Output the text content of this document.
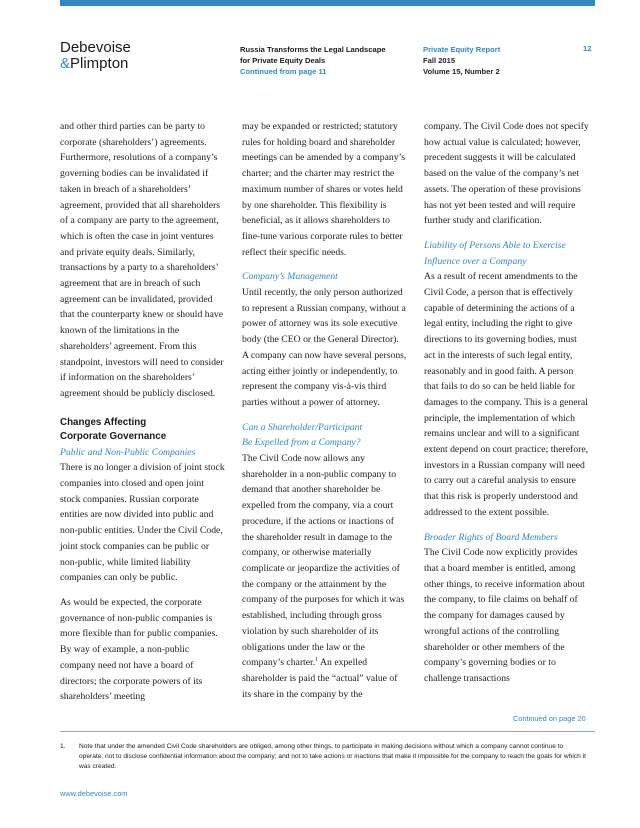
Debevoise
&Plimpton
Russia Transforms the Legal Landscape
for Private Equity Deals
Continued from page 11
Private Equity Report
Fall 2015
Volume 15, Number 2
12

and other third parties can be party to corporate (shareholders’) agreements. Furthermore, resolutions of a company’s governing bodies can be invalidated if taken in breach of a shareholders’ agreement, provided that all shareholders of a company are party to the agreement, which is often the case in joint ventures and private equity deals. Similarly, transactions by a party to a shareholders’ agreement that are in breach of such agreement can be invalidated, provided that the counterparty knew or should have known of the limitations in the shareholders’ agreement. From this standpoint, investors will need to consider if information on the shareholders’ agreement should be publicly disclosed.

Changes Affecting
Corporate Governance
Public and Non-Public Companies

There is no longer a division of joint stock companies into closed and open joint stock companies. Russian corporate entities are now divided into public and non-public entities. Under the Civil Code, joint stock companies can be public or non-public, while limited liability companies can only be public.

As would be expected, the corporate governance of non-public companies is more flexible than for public companies. By way of example, a non-public company need not have a board of directors; the corporate powers of its shareholders’ meeting

may be expanded or restricted; statutory rules for holding board and shareholder meetings can be amended by a company’s charter; and the charter may restrict the maximum number of shares or votes held by one shareholder. This flexibility is beneficial, as it allows shareholders to fine-tune various corporate rules to better reflect their specific needs.

Company’s Management

Until recently, the only person authorized to represent a Russian company, without a power of attorney was its sole executive body (the CEO or the General Director). A company can now have several persons, acting either jointly or independently, to represent the company vis-à-vis third parties without a power of attorney.

Can a Shareholder/Participant
Be Expelled from a Company?

The Civil Code now allows any shareholder in a non-public company to demand that another shareholder be expelled from the company, via a court procedure, if the actions or inactions of the shareholder result in damage to the company, or otherwise materially complicate or jeopardize the activities of the company or the attainment by the company of the purposes for which it was established, including through gross violation by such shareholder of its obligations under the law or the company’s charter.$^1$ An expelled shareholder is paid the “actual” value of its share in the company by the

company. The Civil Code does not specify how actual value is calculated; however, precedent suggests it will be calculated based on the value of the company’s net assets. The operation of these provisions has not yet been tested and will require further study and clarification.

Liability of Persons Able to Exercise
Influence over a Company

As a result of recent amendments to the Civil Code, a person that is effectively capable of determining the actions of a legal entity, including the right to give directions to its governing bodies, must act in the interests of such legal entity, reasonably and in good faith. A person that fails to do so can be held liable for damages to the company. This is a general principle, the implementation of which remains unclear and will to a significant extent depend on court practice; therefore, investors in a Russian company will need to carry out a careful analysis to ensure that this risk is properly understood and addressed to the extent possible.

Broader Rights of Board Members

The Civil Code now explicitly provides that a board member is entitled, among other things, to receive information about the company, to file claims on behalf of the company for damages caused by wrongful actions of the controlling shareholder or other members of the company’s governing bodies or to challenge transactions

Continued on page 20
1. Note that under the amended Civil Code shareholders are obliged, among other things, to participate in making decisions without which a company cannot continue to operate; not to disclose confidential information about the company; and not to take actions or inactions that make it impossible for the company to reach the goals for which it was created.
www.debevoise.com
